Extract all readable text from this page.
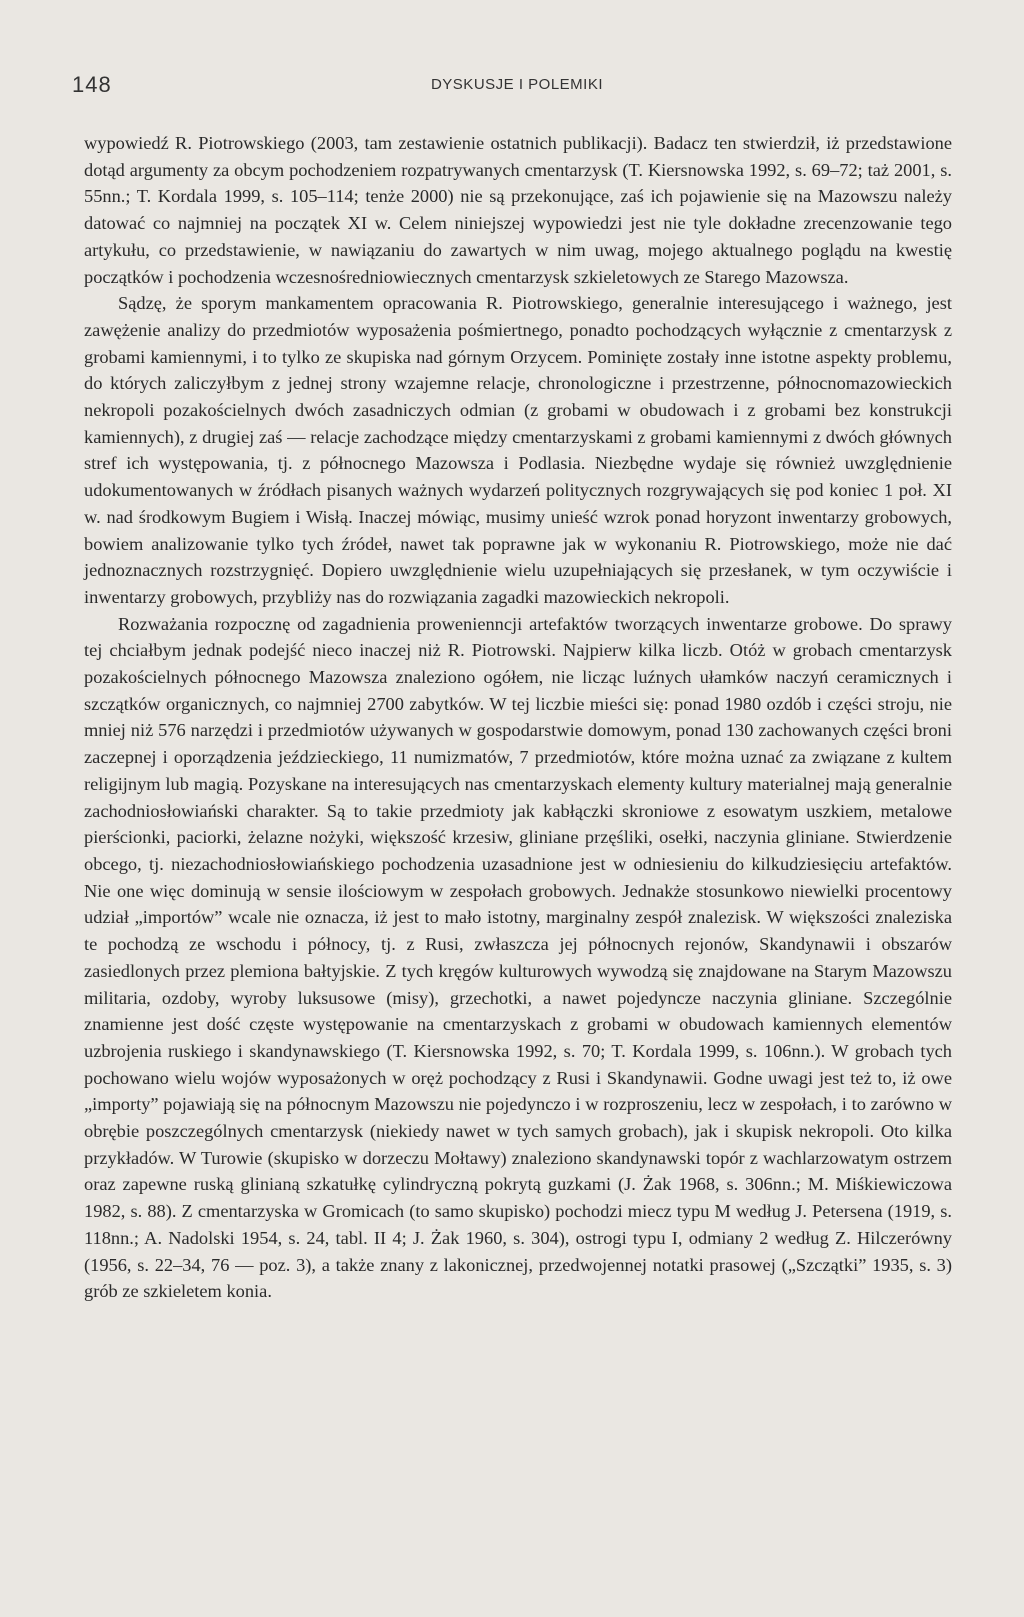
148	DYSKUSJE I POLEMIKI

wypowiedź R. Piotrowskiego (2003, tam zestawienie ostatnich publikacji). Badacz ten stwierdził, iż przedstawione dotąd argumenty za obcym pochodzeniem rozpatrywanych cmentarzysk (T. Kiersnowska 1992, s. 69–72; taż 2001, s. 55nn.; T. Kordala 1999, s. 105–114; tenże 2000) nie są przekonujące, zaś ich pojawienie się na Mazowszu należy datować co najmniej na początek XI w. Celem niniejszej wypowiedzi jest nie tyle dokładne zrecenzowanie tego artykułu, co przedstawienie, w nawiązaniu do zawartych w nim uwag, mojego aktualnego poglądu na kwestię początków i pochodzenia wczesnośredniowiecznych cmentarzysk szkieletowych ze Starego Mazowsza.

Sądzę, że sporym mankamentem opracowania R. Piotrowskiego, generalnie interesującego i ważnego, jest zawężenie analizy do przedmiotów wyposażenia pośmiertnego, ponadto pochodzących wyłącznie z cmentarzysk z grobami kamiennymi, i to tylko ze skupiska nad górnym Orzycem. Pominięte zostały inne istotne aspekty problemu, do których zaliczyłbym z jednej strony wzajemne relacje, chronologiczne i przestrzenne, północnomazowieckich nekropoli pozakościelnych dwóch zasadniczych odmian (z grobami w obudowach i z grobami bez konstrukcji kamiennych), z drugiej zaś — relacje zachodzące między cmentarzyskami z grobami kamiennymi z dwóch głównych stref ich występowania, tj. z północnego Mazowsza i Podlasia. Niezbędne wydaje się również uwzględnienie udokumentowanych w źródłach pisanych ważnych wydarzeń politycznych rozgrywających się pod koniec 1 poł. XI w. nad środkowym Bugiem i Wisłą. Inaczej mówiąc, musimy unieść wzrok ponad horyzont inwentarzy grobowych, bowiem analizowanie tylko tych źródeł, nawet tak poprawne jak w wykonaniu R. Piotrowskiego, może nie dać jednoznacznych rozstrzygnięć. Dopiero uwzględnienie wielu uzupełniających się przesłanek, w tym oczywiście i inwentarzy grobowych, przybliży nas do rozwiązania zagadki mazowieckich nekropoli.

Rozważania rozpocznę od zagadnienia prowenienncji artefaktów tworzących inwentarze grobowe. Do sprawy tej chciałbym jednak podejść nieco inaczej niż R. Piotrowski. Najpierw kilka liczb. Otóż w grobach cmentarzysk pozakościelnych północnego Mazowsza znaleziono ogółem, nie licząc luźnych ułamków naczyń ceramicznych i szczątków organicznych, co najmniej 2700 zabytków. W tej liczbie mieści się: ponad 1980 ozdób i części stroju, nie mniej niż 576 narzędzi i przedmiotów używanych w gospodarstwie domowym, ponad 130 zachowanych części broni zaczepnej i oporządzenia jeździeckiego, 11 numizmatów, 7 przedmiotów, które można uznać za związane z kultem religijnym lub magią. Pozyskane na interesujących nas cmentarzyskach elementy kultury materialnej mają generalnie zachodniosłowiański charakter. Są to takie przedmioty jak kabłączki skroniowe z esowatym uszkiem, metalowe pierścionki, paciorki, żelazne nożyki, większość krzesiw, gliniane przęśliki, osełki, naczynia gliniane. Stwierdzenie obcego, tj. niezachodniosłowiańskiego pochodzenia uzasadnione jest w odniesieniu do kilkudziesięciu artefaktów. Nie one więc dominują w sensie ilościowym w zespołach grobowych. Jednakże stosunkowo niewielki procentowy udział „importów” wcale nie oznacza, iż jest to mało istotny, marginalny zespół znalezisk. W większości znaleziska te pochodzą ze wschodu i północy, tj. z Rusi, zwłaszcza jej północnych rejonów, Skandynawii i obszarów zasiedlonych przez plemiona bałtyjskie. Z tych kręgów kulturowych wywodzą się znajdowane na Starym Mazowszu militaria, ozdoby, wyroby luksusowe (misy), grzechotki, a nawet pojedyncze naczynia gliniane. Szczególnie znamienne jest dość częste występowanie na cmentarzyskach z grobami w obudowach kamiennych elementów uzbrojenia ruskiego i skandynawskiego (T. Kiersnowska 1992, s. 70; T. Kordala 1999, s. 106nn.). W grobach tych pochowano wielu wojów wyposażonych w oręż pochodzący z Rusi i Skandynawii. Godne uwagi jest też to, iż owe „importy” pojawiają się na północnym Mazowszu nie pojedynczo i w rozproszeniu, lecz w zespołach, i to zarówno w obrębie poszczególnych cmentarzysk (niekiedy nawet w tych samych grobach), jak i skupisk nekropoli. Oto kilka przykładów. W Turowie (skupisko w dorzeczu Mołtawy) znaleziono skandynawski topór z wachlarzowatym ostrzem oraz zapewne ruską glinianą szkatułkę cylindryczną pokrytą guzkami (J. Żak 1968, s. 306nn.; M. Miśkiewiczowa 1982, s. 88). Z cmentarzyska w Gromicach (to samo skupisko) pochodzi miecz typu M według J. Petersena (1919, s. 118nn.; A. Nadolski 1954, s. 24, tabl. II 4; J. Żak 1960, s. 304), ostrogi typu I, odmiany 2 według Z. Hilczerówny (1956, s. 22–34, 76 — poz. 3), a także znany z lakonicznej, przedwojennej notatki prasowej („Szczątki” 1935, s. 3) grób ze szkieletem konia.
